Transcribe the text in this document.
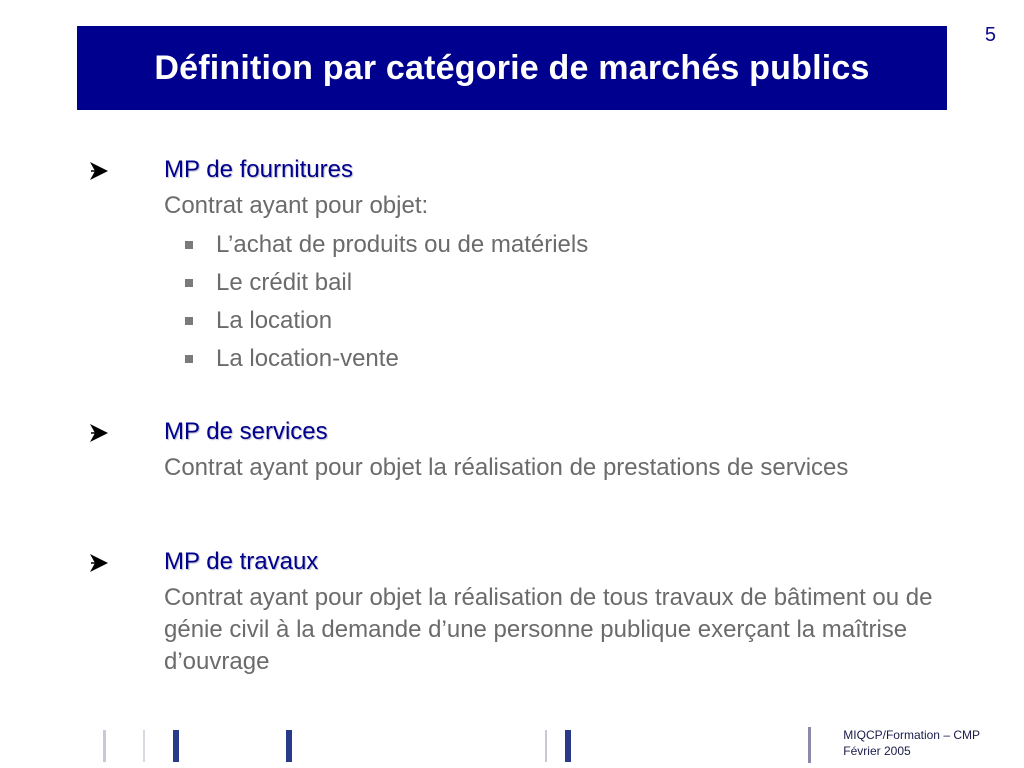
5
Définition par catégorie de marchés publics
MP de fournitures
Contrat ayant pour objet:
L’achat de produits ou de matériels
Le crédit bail
La location
La location-vente
MP de services
Contrat ayant pour objet la réalisation de prestations de services
MP de travaux
Contrat ayant pour objet la réalisation de tous travaux de bâtiment ou de génie civil à la demande d’une personne publique exerçant la maîtrise d’ouvrage
MIQCP/Formation – CMP
Février 2005
